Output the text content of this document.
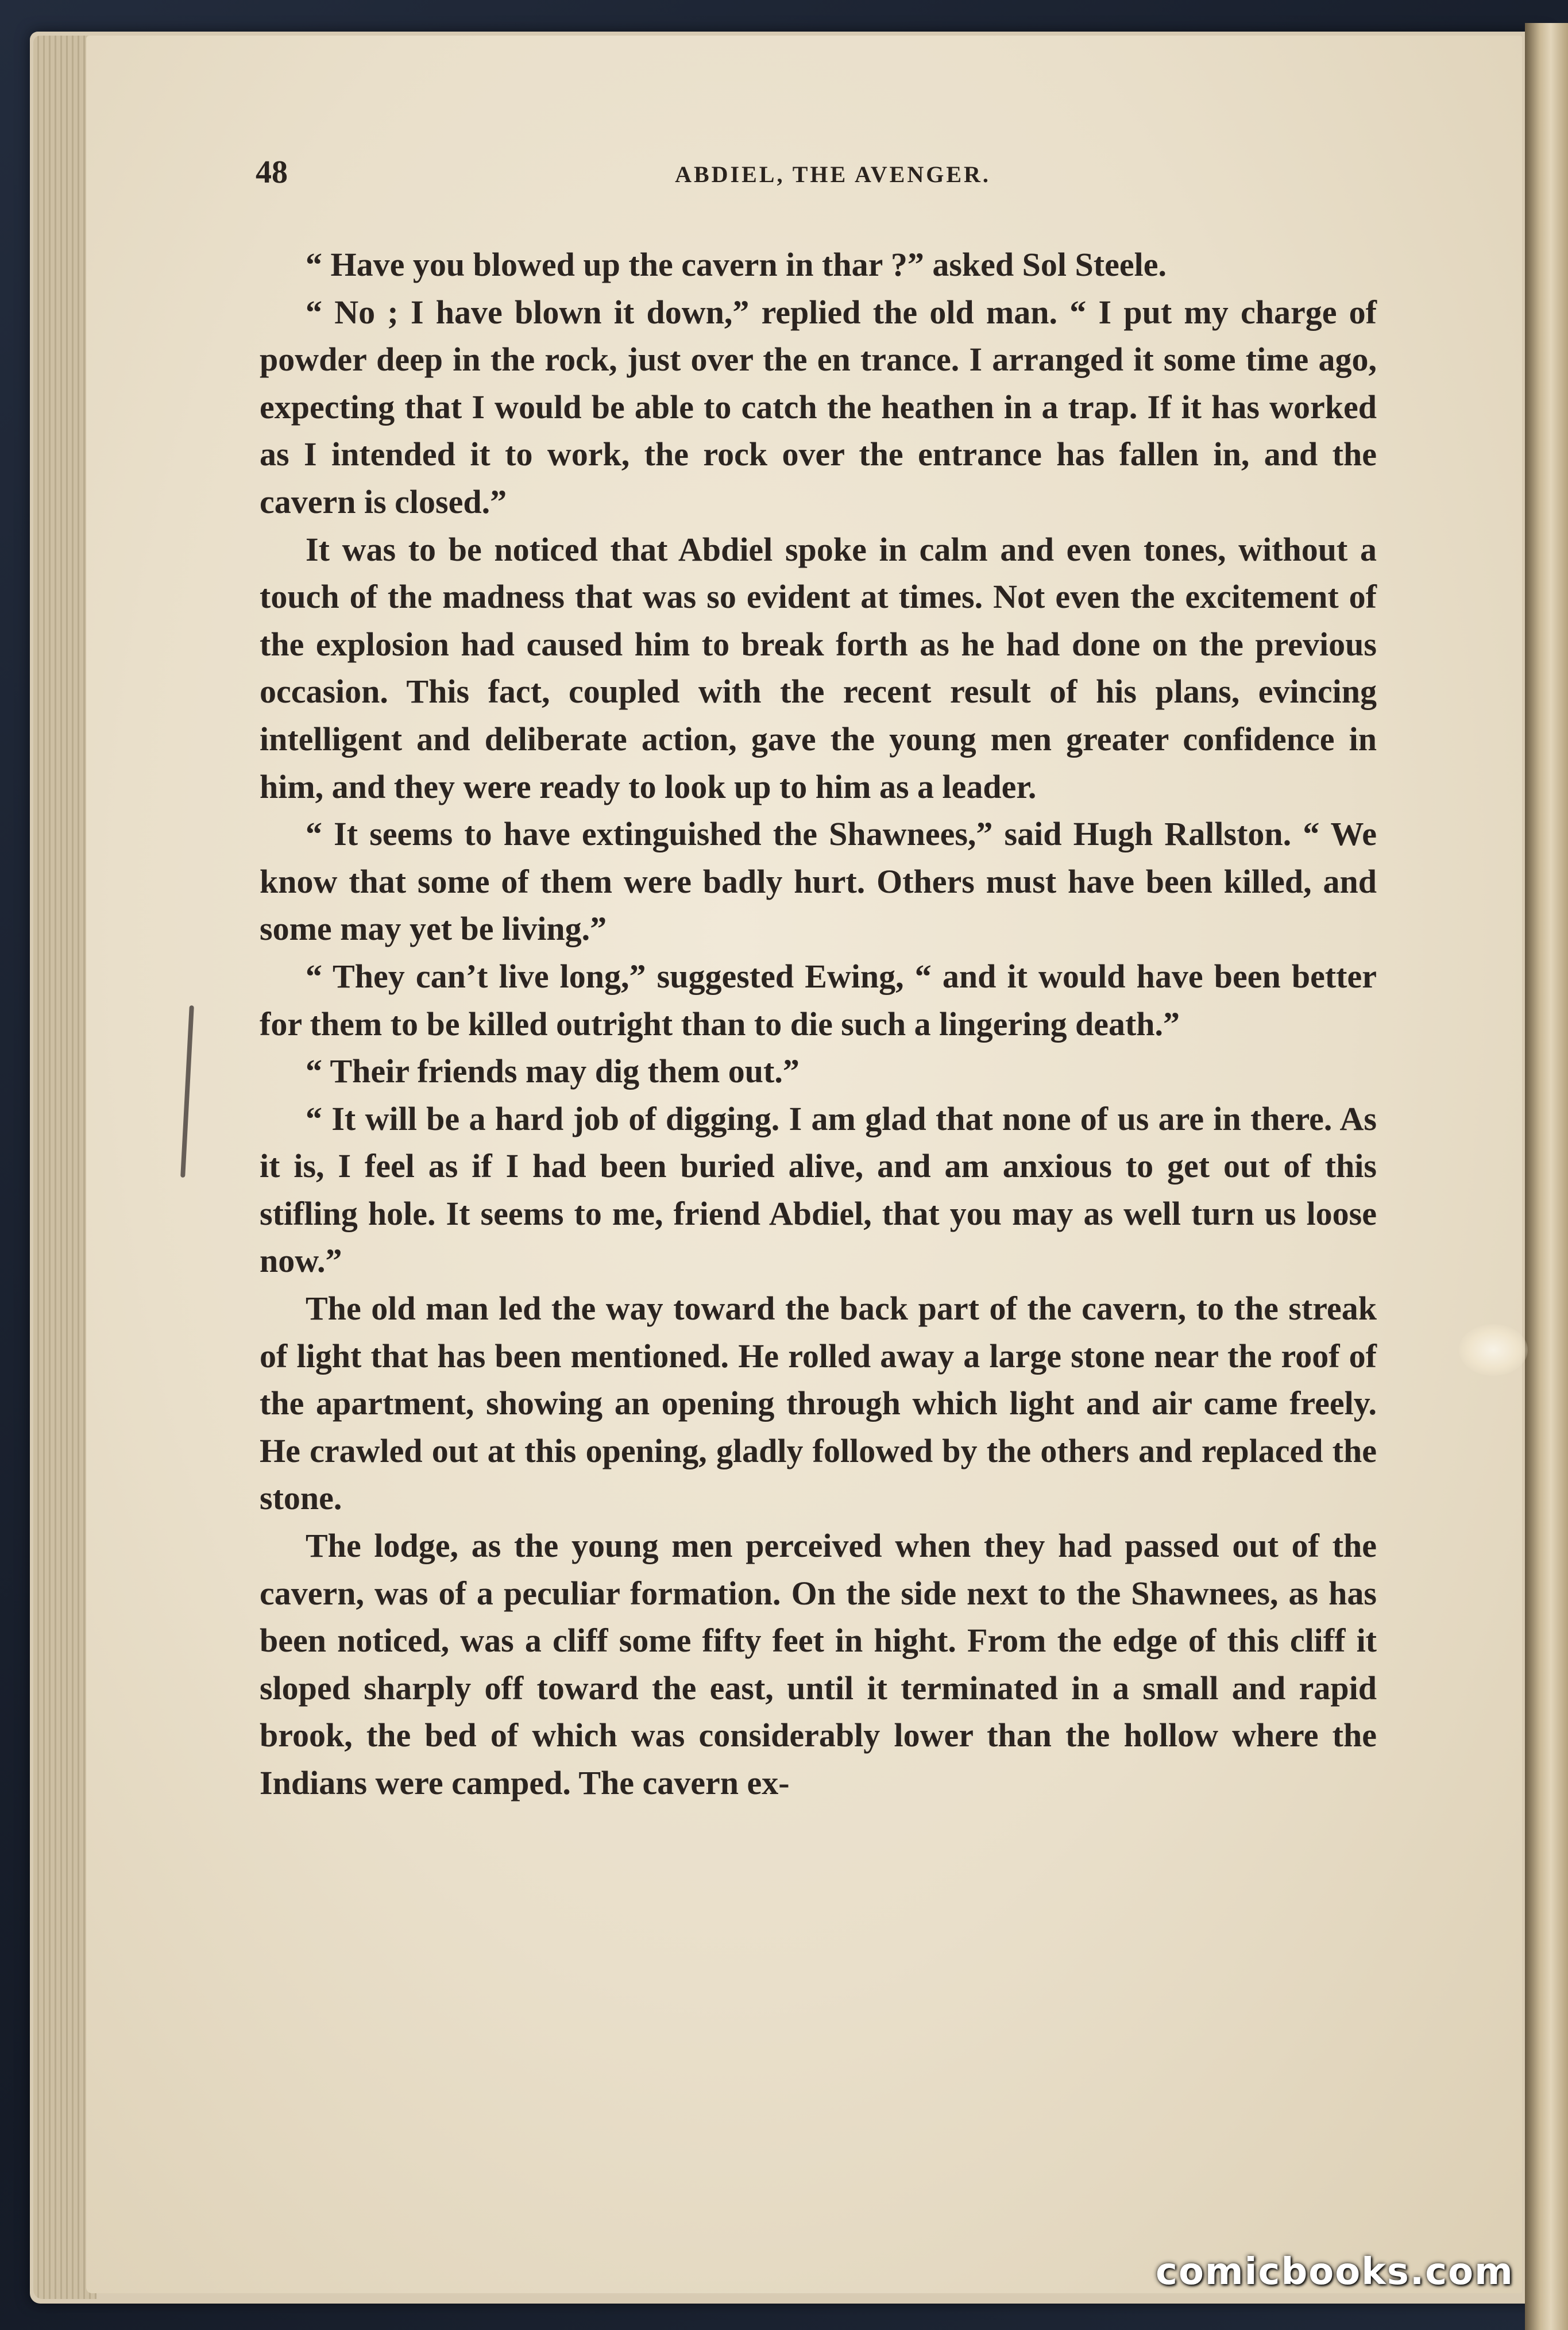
48	ABDIEL, THE AVENGER.

“ Have you blowed up the cavern in thar ?” asked Sol Steele.

“ No ; I have blown it down,” replied the old man. “ I put my charge of powder deep in the rock, just over the en trance. I arranged it some time ago, expecting that I would be able to catch the heathen in a trap. If it has worked as I intended it to work, the rock over the entrance has fallen in, and the cavern is closed.”

It was to be noticed that Abdiel spoke in calm and even tones, without a touch of the madness that was so evident at times. Not even the excitement of the explosion had caused him to break forth as he had done on the previous occasion. This fact, coupled with the recent result of his plans, evincing intelligent and deliberate action, gave the young men greater confidence in him, and they were ready to look up to him as a leader.

“ It seems to have extinguished the Shawnees,” said Hugh Rallston. “ We know that some of them were badly hurt. Others must have been killed, and some may yet be living.”

“ They can’t live long,” suggested Ewing, “ and it would have been better for them to be killed outright than to die such a lingering death.”

“ Their friends may dig them out.”

“ It will be a hard job of digging. I am glad that none of us are in there. As it is, I feel as if I had been buried alive, and am anxious to get out of this stifling hole. It seems to me, friend Abdiel, that you may as well turn us loose now.”

The old man led the way toward the back part of the cavern, to the streak of light that has been mentioned. He rolled away a large stone near the roof of the apartment, showing an opening through which light and air came freely. He crawled out at this opening, gladly followed by the others and replaced the stone.

The lodge, as the young men perceived when they had passed out of the cavern, was of a peculiar formation. On the side next to the Shawnees, as has been noticed, was a cliff some fifty feet in hight. From the edge of this cliff it sloped sharply off toward the east, until it terminated in a small and rapid brook, the bed of which was considerably lower than the hollow where the Indians were camped. The cavern ex-

comicbooks.com
